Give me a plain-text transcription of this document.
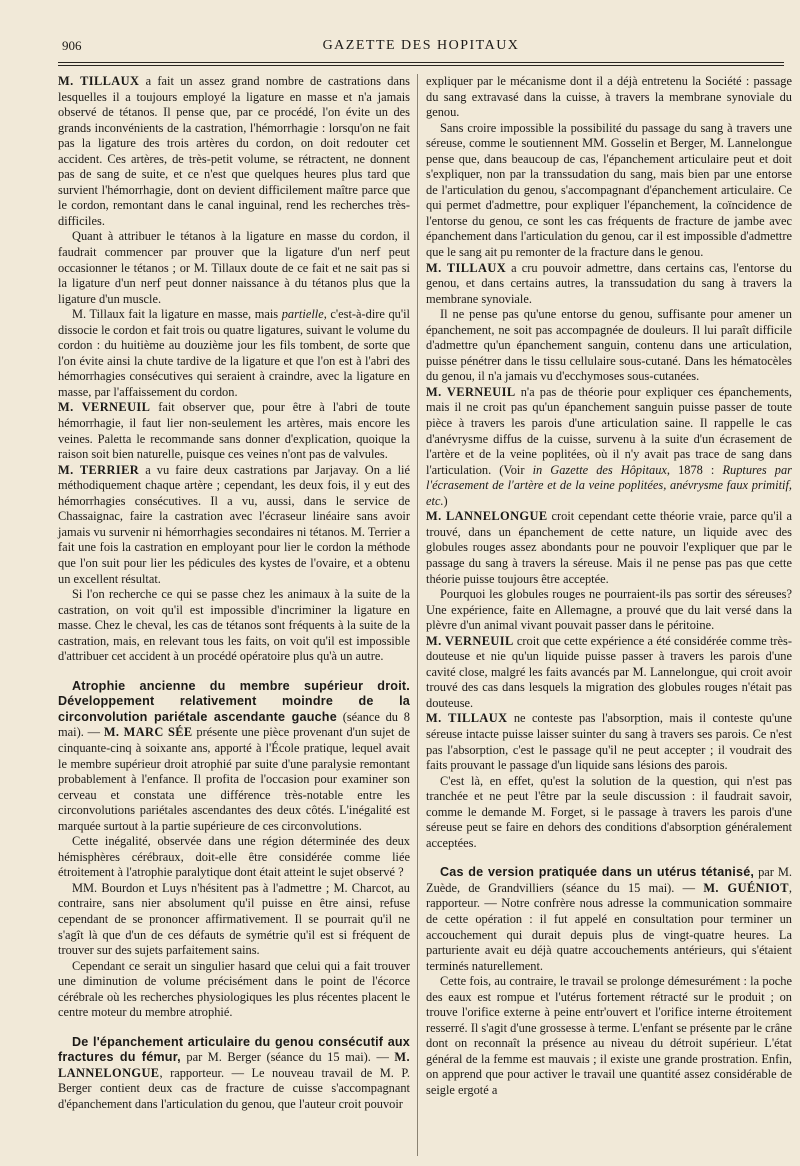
906	GAZETTE DES HOPITAUX

M. TILLAUX a fait un assez grand nombre de castrations dans lesquelles il a toujours employé la ligature en masse et n'a jamais observé de tétanos. Il pense que, par ce procédé, l'on évite un des grands inconvénients de la castration, l'hémorrhagie : lorsqu'on ne fait pas la ligature des trois artères du cordon, on doit redouter cet accident. Ces artères, de très-petit volume, se rétractent, ne donnent pas de sang de suite, et ce n'est que quelques heures plus tard que survient l'hémorrhagie, dont on devient difficilement maître parce que le cordon, remontant dans le canal inguinal, rend les recherches très-difficiles.

Quant à attribuer le tétanos à la ligature en masse du cordon, il faudrait commencer par prouver que la ligature d'un nerf peut occasionner le tétanos ; or M. Tillaux doute de ce fait et ne sait pas si la ligature d'un nerf peut donner naissance à du tétanos plus que la ligature d'un muscle.

M. Tillaux fait la ligature en masse, mais partielle, c'est-à-dire qu'il dissocie le cordon et fait trois ou quatre ligatures, suivant le volume du cordon : du huitième au douzième jour les fils tombent, de sorte que l'on évite ainsi la chute tardive de la ligature et que l'on est à l'abri des hémorrhagies consécutives qui seraient à craindre, avec la ligature en masse, par l'affaissement du cordon.

M. VERNEUIL fait observer que, pour être à l'abri de toute hémorrhagie, il faut lier non-seulement les artères, mais encore les veines. Paletta le recommande sans donner d'explication, quoique la raison soit bien naturelle, puisque ces veines n'ont pas de valvules.

M. TERRIER a vu faire deux castrations par Jarjavay. On a lié méthodiquement chaque artère ; cependant, les deux fois, il y eut des hémorrhagies consécutives. Il a vu, aussi, dans le service de Chassaignac, faire la castration avec l'écraseur linéaire sans avoir jamais vu survenir ni hémorrhagies secondaires ni tétanos. M. Terrier a fait une fois la castration en employant pour lier le cordon la méthode que l'on suit pour lier les pédicules des kystes de l'ovaire, et a obtenu un excellent résultat.

Si l'on recherche ce qui se passe chez les animaux à la suite de la castration, on voit qu'il est impossible d'incriminer la ligature en masse. Chez le cheval, les cas de tétanos sont fréquents à la suite de la castration, mais, en relevant tous les faits, on voit qu'il est impossible d'attribuer cet accident à un procédé opératoire plus qu'à un autre.

Atrophie ancienne du membre supérieur droit. Développement relativement moindre de la circonvolution pariétale ascendante gauche (séance du 8 mai). — M. MARC SÉE présente une pièce provenant d'un sujet de cinquante-cinq à soixante ans, apporté à l'École pratique, lequel avait le membre supérieur droit atrophié par suite d'une paralysie remontant probablement à l'enfance. Il profita de l'occasion pour examiner son cerveau et constata une différence très-notable entre les circonvolutions pariétales ascendantes des deux côtés. L'inégalité est marquée surtout à la partie supérieure de ces circonvolutions.

Cette inégalité, observée dans une région déterminée des deux hémisphères cérébraux, doit-elle être considérée comme liée étroitement à l'atrophie paralytique dont était atteint le sujet observé ?

MM. Bourdon et Luys n'hésitent pas à l'admettre ; M. Charcot, au contraire, sans nier absolument qu'il puisse en être ainsi, refuse cependant de se prononcer affirmativement. Il se pourrait qu'il ne s'agît là que d'un de ces défauts de symétrie qu'il est si fréquent de trouver sur des sujets parfaitement sains.

Cependant ce serait un singulier hasard que celui qui a fait trouver une diminution de volume précisément dans le point de l'écorce cérébrale où les recherches physiologiques les plus récentes placent le centre moteur du membre atrophié.

De l'épanchement articulaire du genou consécutif aux fractures du fémur, par M. Berger (séance du 15 mai). — M. LANNELONGUE, rapporteur. — Le nouveau travail de M. P. Berger contient deux cas de fracture de cuisse s'accompagnant d'épanchement dans l'articulation du genou, que l'auteur croit pouvoir

expliquer par le mécanisme dont il a déjà entretenu la Société : passage du sang extravasé dans la cuisse, à travers la membrane synoviale du genou.

Sans croire impossible la possibilité du passage du sang à travers une séreuse, comme le soutiennent MM. Gosselin et Berger, M. Lannelongue pense que, dans beaucoup de cas, l'épanchement articulaire peut et doit s'expliquer, non par la transsudation du sang, mais bien par une entorse de l'articulation du genou, s'accompagnant d'épanchement articulaire. Ce qui permet d'admettre, pour expliquer l'épanchement, la coïncidence de l'entorse du genou, ce sont les cas fréquents de fracture de jambe avec épanchement dans l'articulation du genou, car il est impossible d'admettre que le sang ait pu remonter de la fracture dans le genou.

M. TILLAUX a cru pouvoir admettre, dans certains cas, l'entorse du genou, et dans certains autres, la transsudation du sang à travers la membrane synoviale.

Il ne pense pas qu'une entorse du genou, suffisante pour amener un épanchement, ne soit pas accompagnée de douleurs. Il lui paraît difficile d'admettre qu'un épanchement sanguin, contenu dans une articulation, puisse pénétrer dans le tissu cellulaire sous-cutané. Dans les hématocèles du genou, il n'a jamais vu d'ecchymoses sous-cutanées.

M. VERNEUIL n'a pas de théorie pour expliquer ces épanchements, mais il ne croit pas qu'un épanchement sanguin puisse passer de toute pièce à travers les parois d'une articulation saine. Il rappelle le cas d'anévrysme diffus de la cuisse, survenu à la suite d'un écrasement de l'artère et de la veine poplitées, où il n'y avait pas trace de sang dans l'articulation. (Voir in Gazette des Hôpitaux, 1878 : Ruptures par l'écrasement de l'artère et de la veine poplitées, anévrysme faux primitif, etc.)

M. LANNELONGUE croit cependant cette théorie vraie, parce qu'il a trouvé, dans un épanchement de cette nature, un liquide avec des globules rouges assez abondants pour ne pouvoir l'expliquer que par le passage du sang à travers la séreuse. Mais il ne pense pas pas que cette théorie puisse toujours être acceptée.

Pourquoi les globules rouges ne pourraient-ils pas sortir des séreuses? Une expérience, faite en Allemagne, a prouvé que du lait versé dans la plèvre d'un animal vivant pouvait passer dans le péritoine.

M. VERNEUIL croit que cette expérience a été considérée comme très-douteuse et nie qu'un liquide puisse passer à travers les parois d'une cavité close, malgré les faits avancés par M. Lannelongue, qui croit avoir trouvé des cas dans lesquels la migration des globules rouges n'était pas douteuse.

M. TILLAUX ne conteste pas l'absorption, mais il conteste qu'une séreuse intacte puisse laisser suinter du sang à travers ses parois. Ce n'est pas l'absorption, c'est le passage qu'il ne peut accepter ; il voudrait des faits prouvant le passage d'un liquide sans lésions des parois.

C'est là, en effet, qu'est la solution de la question, qui n'est pas tranchée et ne peut l'être par la seule discussion : il faudrait savoir, comme le demande M. Forget, si le passage à travers les parois d'une séreuse peut se faire en dehors des conditions d'absorption généralement acceptées.

Cas de version pratiquée dans un utérus tétanisé, par M. Zuède, de Grandvilliers (séance du 15 mai). — M. GUÉNIOT, rapporteur. — Notre confrère nous adresse la communication sommaire de cette opération : il fut appelé en consultation pour terminer un accouchement qui durait depuis plus de vingt-quatre heures. La parturiente avait eu déjà quatre accouchements antérieurs, qui s'étaient terminés naturellement.

Cette fois, au contraire, le travail se prolonge démesurément : la poche des eaux est rompue et l'utérus fortement rétracté sur le produit ; on trouve l'orifice externe à peine entr'ouvert et l'orifice interne étroitement resserré. Il s'agit d'une grossesse à terme. L'enfant se présente par le crâne dont on reconnaît la présence au niveau du détroit supérieur. L'état général de la femme est mauvais ; il existe une grande prostration. Enfin, on apprend que pour activer le travail une quantité assez considérable de seigle ergoté a
